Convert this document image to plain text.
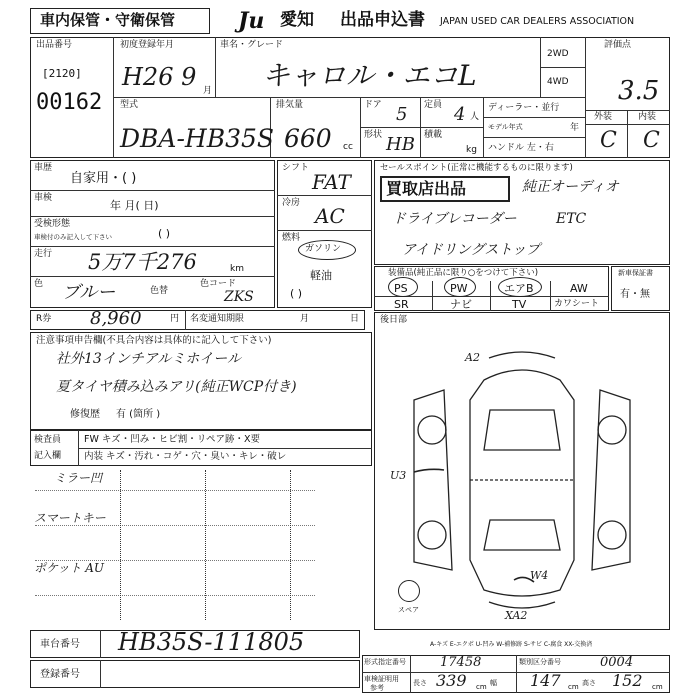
車内保管・守衛保管	Ju 愛知 出品申込書 JAPAN USED CAR DEALERS ASSOCIATION
出品番号
[2120]
00162
初度登録年月
H26 9 月
車名・グレード
キャロル・エコL
2WD
4WD
評価点
3.5
型式
DBA-HB35S
排気量
660 cc
ドア 5
形状 HB
定員 4 人
積載
kg
ディーラー・並行
モデル年式	年
ハンドル 左・右
外装	内装
C C
車歴
自家用・( )
車検
年 月( 日)
受検形態
車検付のみ記入して下さい	( )
走行 5万7千276	km
色 ブルー	色替
色コード
ZKS
R券 8,960	円 名変通知期限	月	日
シフト
FAT
冷房
AC
燃料
ガソリン
軽油
( )
セールスポイント(正常に機能するものに限ります)
買取店出品	純正オーディオ
ドライブレコーダー	ETC
アイドリングストップ
装備品(純正品に限り○をつけて下さい)
PS	PW	エアB	AW
SR	ナビ	TV	カワシート
新車保証書
有・無
注意事項申告欄(不具合内容は具体的に記入して下さい)
社外13インチアルミホイール
夏タイヤ積み込みアリ(純正WCP付き)
修復歴 有 (箇所 )
検査員
記入欄
FW キズ・凹み・ヒビ割・リペア跡・X要
内装 キズ・汚れ・コゲ・穴・臭い・キレ・破レ
ミラー凹
スマートキー
ポケット AU
後日部
A2
U3
W4
XA2
スペア
A-キズ E-エクボ U-凹み W-補修跡 S-サビ C-腐食 XX-交換済
車台番号 HB35S-111805
登録番号
形式指定番号	17458	類別区分番号	0004
車検証明用
参考
長さ 339 cm 幅 147 cm 高さ 152 cm
